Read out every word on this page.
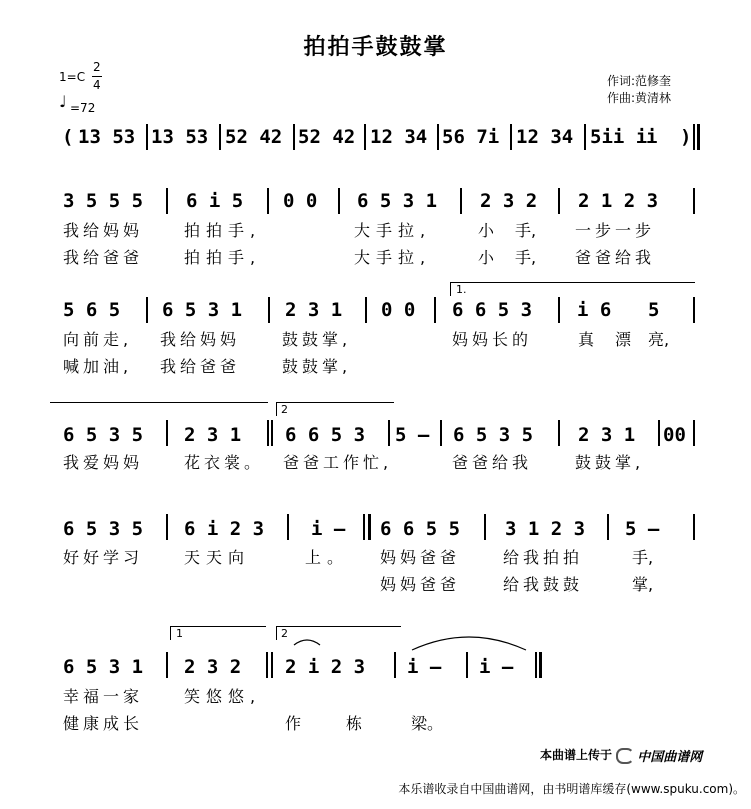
拍拍手鼓鼓掌
1=C
2
4
♩ =72
作词:范修奎
作曲:黄清林
( 13 53 13 53 52 42 52 42 12 34 56 7i 12 34 5ii i
i )
3 5 5 5 6 i 5 0 0 6 5 3 1 2 3 2 2 1 2 3
我给妈妈	拍拍手,	大手拉,	小 手, 一步一步
我给爸爸	拍拍手,	大手拉,	小 手, 爸爸给我
1.
5 6 5 6 5 3 1 2 3 1 0 0 6 6 5 3 i 6 5
向前走, 我给妈妈	鼓鼓掌,	妈妈长的	真 漂 亮,
喊加油, 我给爸爸	鼓鼓掌,
2
6 5 3 5 2 3 1 6 6 5 3 5 – 6 5 3 5 2 3 1 00
我爱妈妈	花衣裳。 爸爸工作忙,	爸爸给我	鼓鼓掌,
6 5 3 5 6 i 2 3 i – 6 6 5 5 3 1 2 3 5 –
好好学习	天天向	上。 妈妈爸爸	给我拍拍	手,
妈妈爸爸	给我鼓鼓	掌,
1	2
6 5 3 1 2 3 2 2 i 2 3 i – i –
幸福一家	笑悠悠,
健康成长	作	栋	梁。
本曲谱上传于 中国曲谱网
本乐谱收录自中国曲谱网，由书明谱库缓存(www.spuku.com)。
